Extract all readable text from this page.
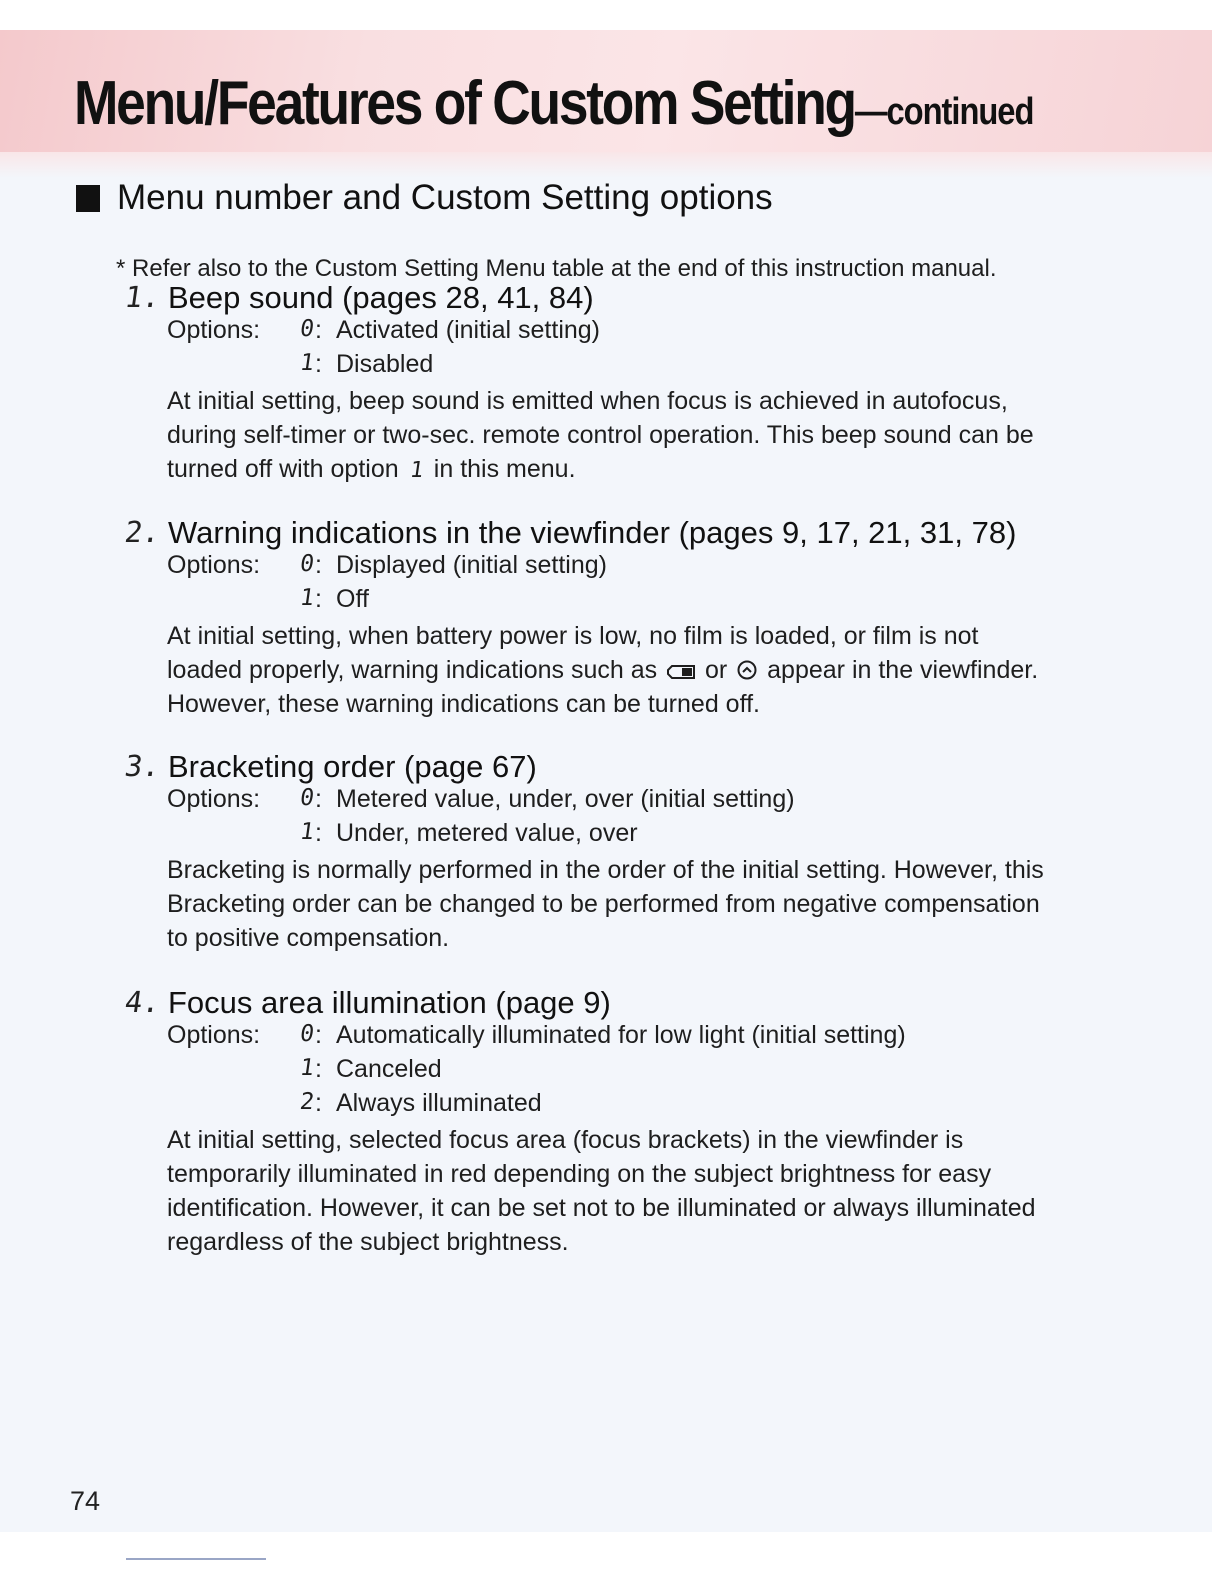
Menu/Features of Custom Setting—continued
Menu number and Custom Setting options
* Refer also to the Custom Setting Menu table at the end of this instruction manual.
1. Beep sound (pages 28, 41, 84)
Options: 0 : Activated (initial setting)
1 : Disabled
At initial setting, beep sound is emitted when focus is achieved in autofocus,
during self-timer or two-sec. remote control operation. This beep sound can be
turned off with option 1 in this menu.
2. Warning indications in the viewfinder (pages 9, 17, 21, 31, 78)
Options: 0 : Displayed (initial setting)
1 : Off
At initial setting, when battery power is low, no film is loaded, or film is not
loaded properly, warning indications such as or appear in the viewfinder.
However, these warning indications can be turned off.
3. Bracketing order (page 67)
Options: 0 : Metered value, under, over (initial setting)
1 : Under, metered value, over
Bracketing is normally performed in the order of the initial setting. However, this
Bracketing order can be changed to be performed from negative compensation
to positive compensation.
4. Focus area illumination (page 9)
Options: 0 : Automatically illuminated for low light (initial setting)
1 : Canceled
2 : Always illuminated
At initial setting, selected focus area (focus brackets) in the viewfinder is
temporarily illuminated in red depending on the subject brightness for easy
identification. However, it can be set not to be illuminated or always illuminated
regardless of the subject brightness.
74
